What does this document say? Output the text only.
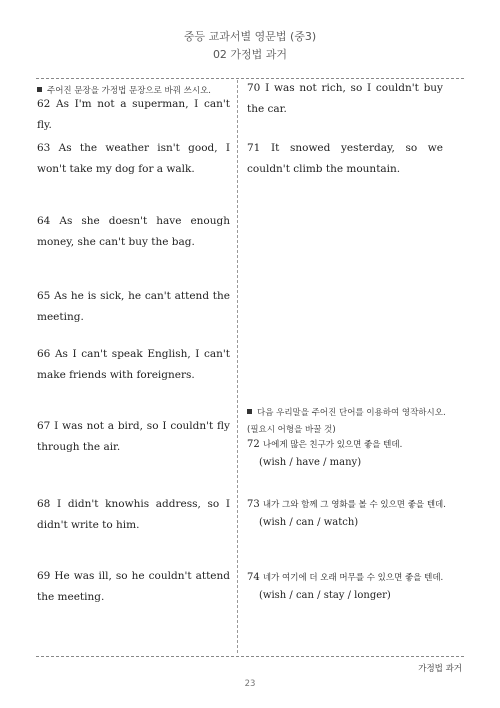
중등 교과서별 영문법 (중3)
02 가정법 과거
주어진 문장을 가정법 문장으로 바꿔 쓰시오.
62 As I'm not a superman, I can't fly.
63 As the weather isn't good, I won't take my dog for a walk.
64 As she doesn't have enough money, she can't buy the bag.
65 As he is sick, he can't attend the meeting.
66 As I can't speak English, I can't make friends with foreigners.
67 I was not a bird, so I couldn't fly through the air.
68 I didn't knowhis address, so I didn't write to him.
69 He was ill, so he couldn't attend the meeting.
70 I was not rich, so I couldn't buy the car.
71 It snowed yesterday, so we couldn't climb the mountain.
다음 우리말을 주어진 단어를 이용하여 영작하시오.
(필요시 어형을 바꿀 것)
72 나에게 많은 친구가 있으면 좋을 텐데.
(wish / have / many)
73 내가 그와 함께 그 영화를 볼 수 있으면 좋을 텐데.
(wish / can / watch)
74 네가 여기에 더 오래 머무를 수 있으면 좋을 텐데.
(wish / can / stay / longer)
가정법 과거
23
